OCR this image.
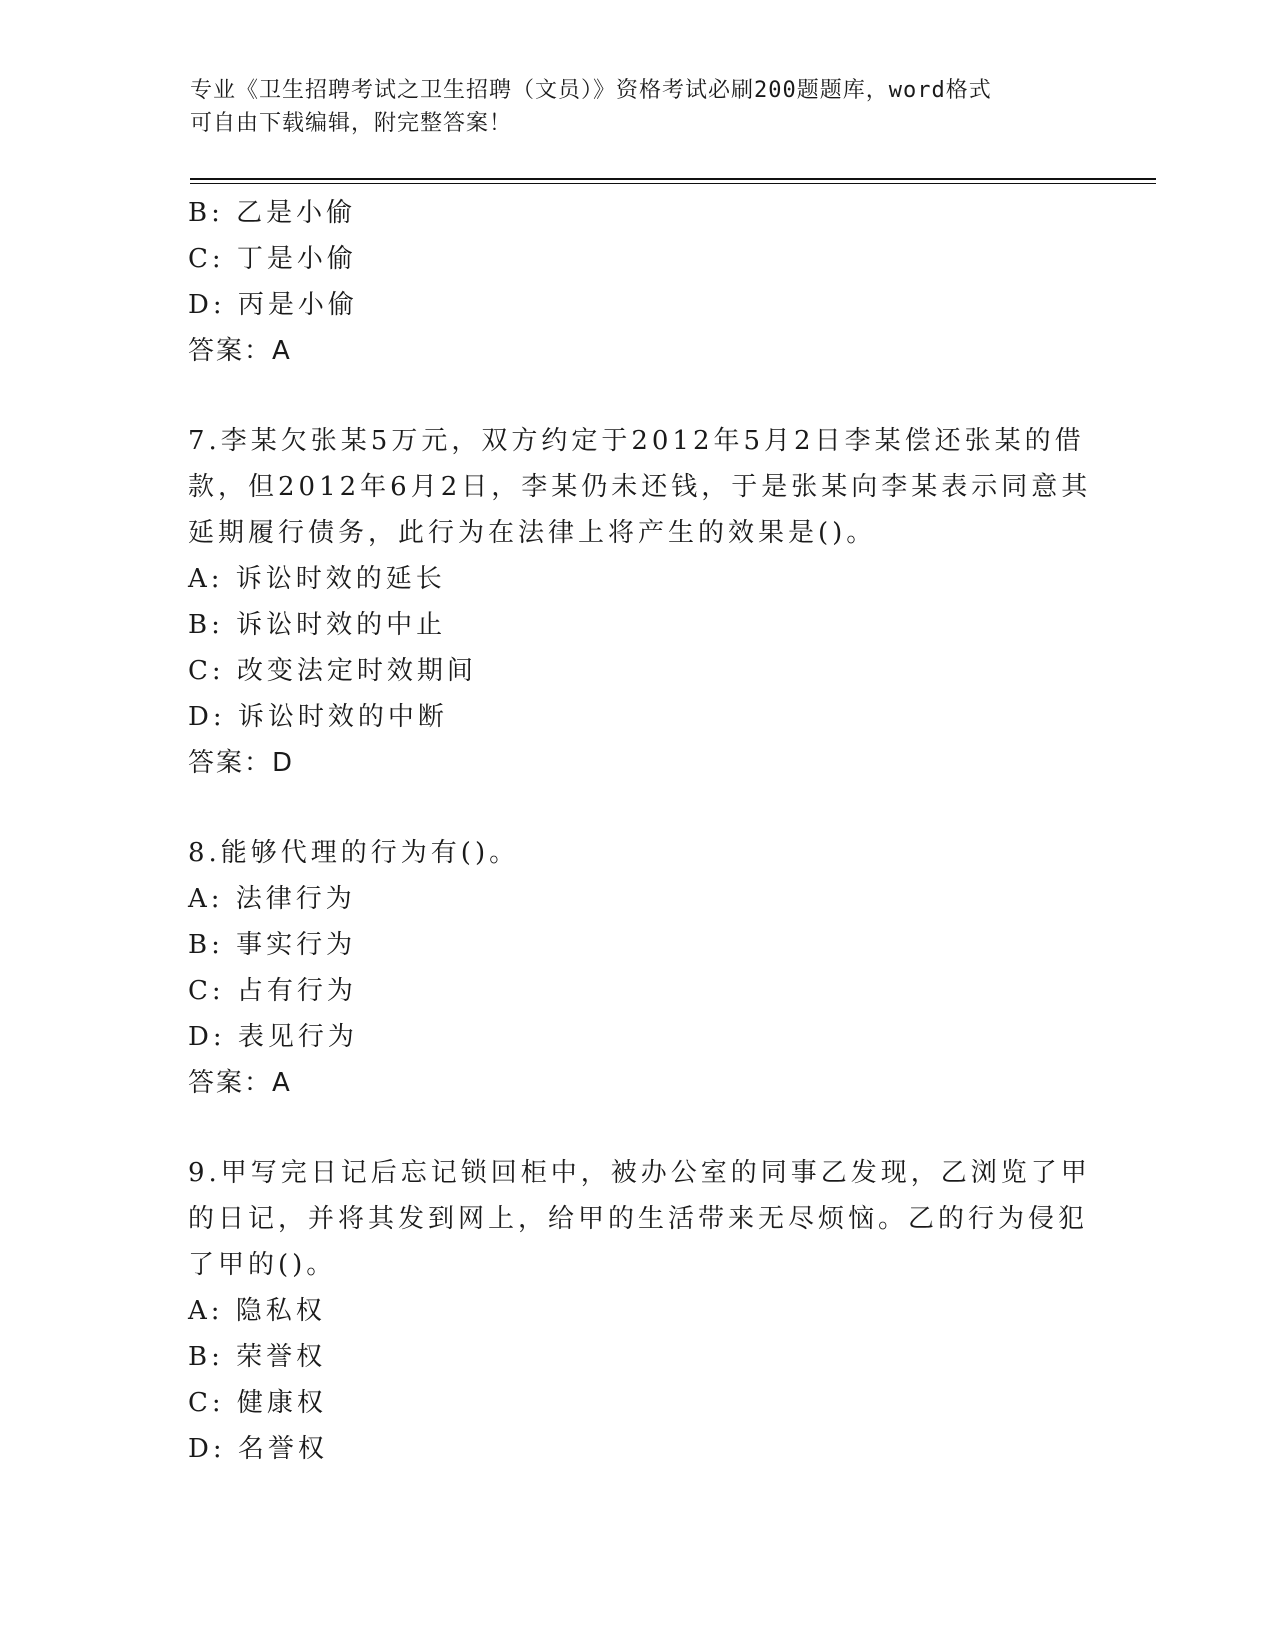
专业《卫生招聘考试之卫生招聘（文员）》资格考试必刷200题题库，word格式
可自由下载编辑，附完整答案！
B: 乙是小偷
C: 丁是小偷
D: 丙是小偷
答案：A
7.李某欠张某5万元，双方约定于2012年5月2日李某偿还张某的借
款，但2012年6月2日，李某仍未还钱，于是张某向李某表示同意其
延期履行债务，此行为在法律上将产生的效果是()。
A: 诉讼时效的延长
B: 诉讼时效的中止
C: 改变法定时效期间
D: 诉讼时效的中断
答案：D
8.能够代理的行为有()。
A: 法律行为
B: 事实行为
C: 占有行为
D: 表见行为
答案：A
9.甲写完日记后忘记锁回柜中，被办公室的同事乙发现，乙浏览了甲
的日记，并将其发到网上，给甲的生活带来无尽烦恼。乙的行为侵犯
了甲的()。
A: 隐私权
B: 荣誉权
C: 健康权
D: 名誉权
